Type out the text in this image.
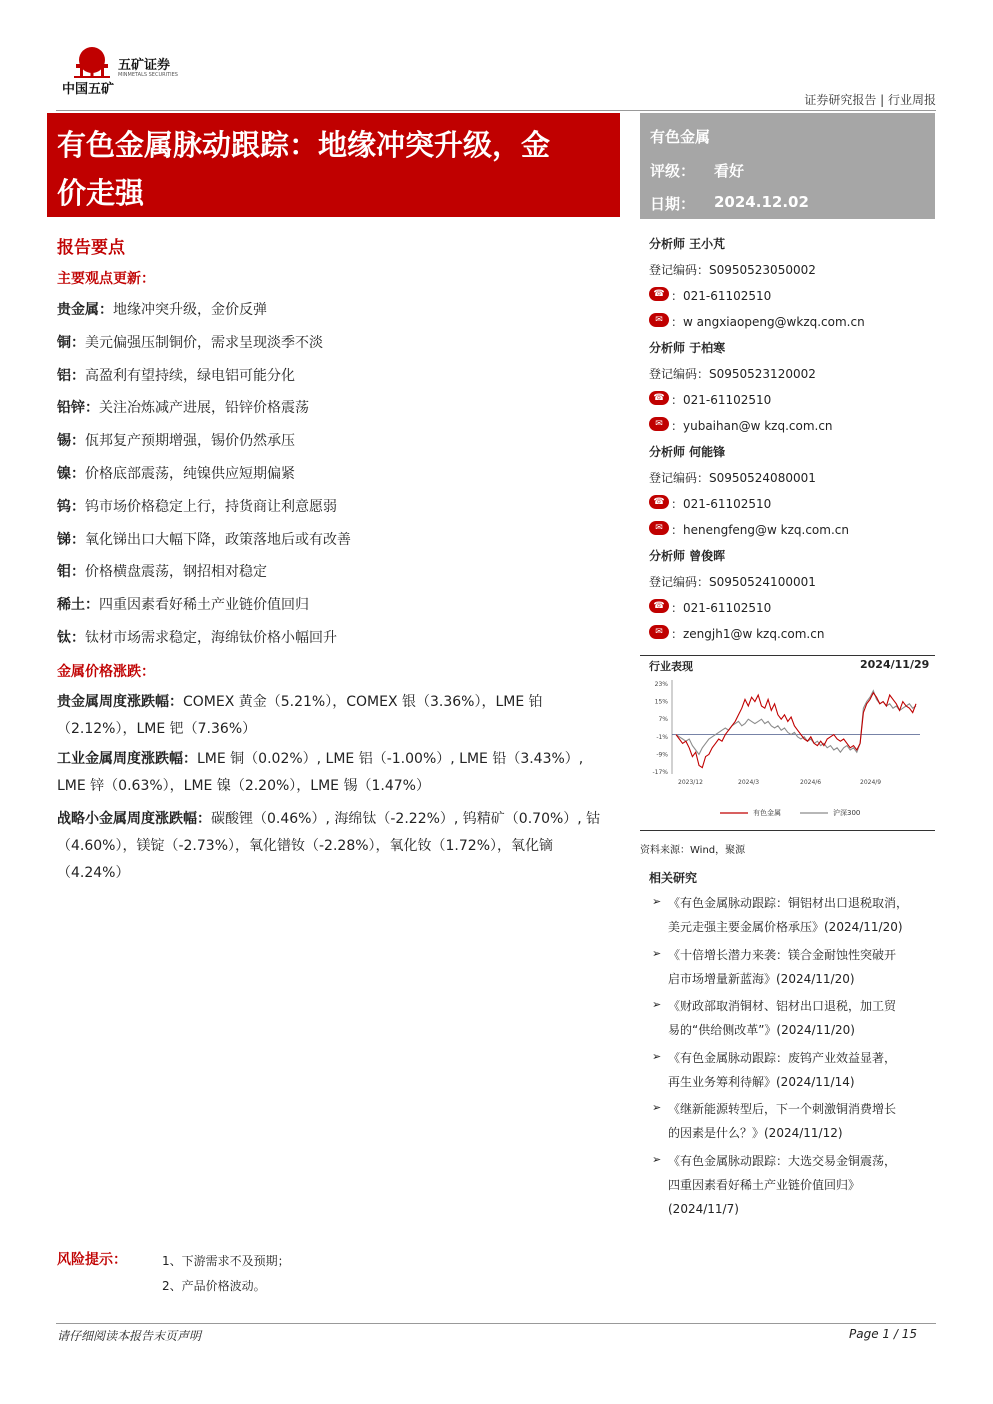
中国五矿
五矿证券
MINMETALS SECURITIES
证券研究报告 | 行业周报
有色金属脉动跟踪：地缘冲突升级，金
价走强
有色金属
评级： 看好
日期： 2024.12.02
报告要点
主要观点更新：
贵金属：地缘冲突升级，金价反弹
铜：美元偏强压制铜价，需求呈现淡季不淡
铝：高盈利有望持续，绿电铝可能分化
铅锌：关注冶炼减产进展，铅锌价格震荡
锡：佤邦复产预期增强，锡价仍然承压
镍：价格底部震荡，纯镍供应短期偏紧
钨：钨市场价格稳定上行，持货商让利意愿弱
锑：氧化锑出口大幅下降，政策落地后或有改善
钼：价格横盘震荡，钢招相对稳定
稀土：四重因素看好稀土产业链价值回归
钛：钛材市场需求稳定，海绵钛价格小幅回升
金属价格涨跌：
贵金属周度涨跌幅：COMEX 黄金（5.21%），COMEX 银（3.36%），LME 铂（2.12%），LME 钯（7.36%）
工业金属周度涨跌幅：LME 铜（0.02%）, LME 铝（-1.00%）, LME 铅（3.43%）, LME 锌（0.63%），LME 镍（2.20%），LME 锡（1.47%）
战略小金属周度涨跌幅：碳酸锂（0.46%）, 海绵钛（-2.22%）, 钨精矿（0.70%）, 钴（4.60%），镁锭（-2.73%），氧化镨钕（-2.28%），氧化钕（1.72%），氧化镝（4.24%）
风险提示：	1、下游需求不及预期；
2、产品价格波动。
分析师 王小芃
登记编码：S0950523050002
☎ ：021-61102510
✉ ：w angxiaopeng@wkzq.com.cn
分析师 于柏寒
登记编码：S0950523120002
☎ ：021-61102510
✉ ：yubaihan@w kzq.com.cn
分析师 何能锋
登记编码：S0950524080001
☎ ：021-61102510
✉ ：henengfeng@w kzq.com.cn
分析师 曾俊晖
登记编码：S0950524100001
☎ ：021-61102510
✉ ：zengjh1@w kzq.com.cn
行业表现	2024/11/29
23%
15%
7%
-1%
-9%
-17%
2023/12	2024/3	2024/6	2024/9
有色金属	沪深300
资料来源：Wind，聚源
相关研究
➢ 《有色金属脉动跟踪：铜铝材出口退税取消，
美元走强主要金属价格承压》(2024/11/20)
➢ 《十倍增长潜力来袭：镁合金耐蚀性突破开
启市场增量新蓝海》(2024/11/20)
➢ 《财政部取消铜材、铝材出口退税，加工贸
易的“供给侧改革”》(2024/11/20)
➢ 《有色金属脉动跟踪：废钨产业效益显著，
再生业务筹利待解》(2024/11/14)
➢ 《继新能源转型后，下一个刺激铜消费增长
的因素是什么？》(2024/11/12)
➢ 《有色金属脉动跟踪：大选交易金铜震荡，
四重因素看好稀土产业链价值回归》
(2024/11/7)
请仔细阅读本报告末页声明	Page 1 / 15
